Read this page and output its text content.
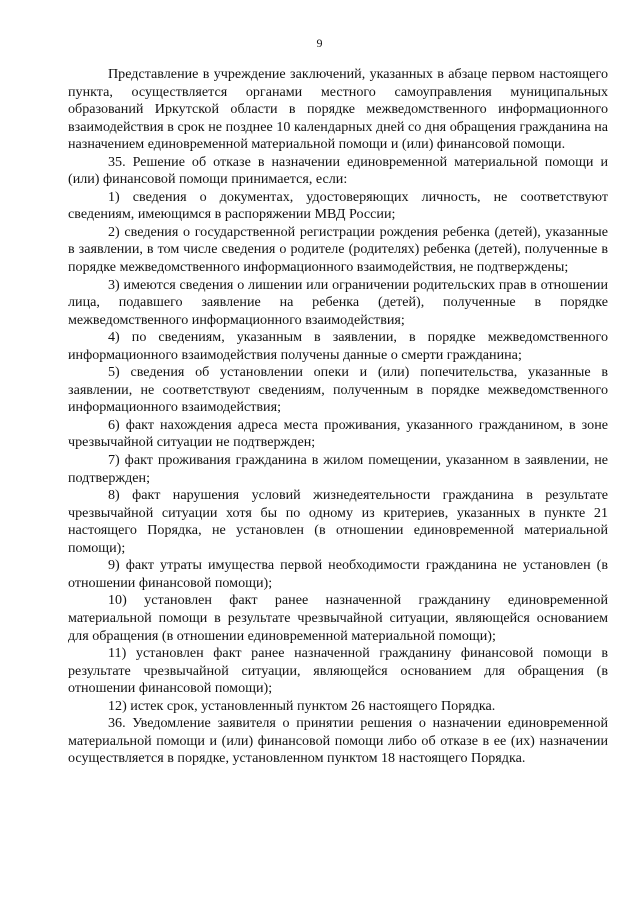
9

Представление в учреждение заключений, указанных в абзаце первом настоящего пункта, осуществляется органами местного самоуправления муниципальных образований Иркутской области в порядке межведомственного информационного взаимодействия в срок не позднее 10 календарных дней со дня обращения гражданина на назначением единовременной материальной помощи и (или) финансовой помощи.

35. Решение об отказе в назначении единовременной материальной помощи и (или) финансовой помощи принимается, если:

1) сведения о документах, удостоверяющих личность, не соответствуют сведениям, имеющимся в распоряжении МВД России;

2) сведения о государственной регистрации рождения ребенка (детей), указанные в заявлении, в том числе сведения о родителе (родителях) ребенка (детей), полученные в порядке межведомственного информационного взаимодействия, не подтверждены;

3) имеются сведения о лишении или ограничении родительских прав в отношении лица, подавшего заявление на ребенка (детей), полученные в порядке межведомственного информационного взаимодействия;

4) по сведениям, указанным в заявлении, в порядке межведомственного информационного взаимодействия получены данные о смерти гражданина;

5) сведения об установлении опеки и (или) попечительства, указанные в заявлении, не соответствуют сведениям, полученным в порядке межведомственного информационного взаимодействия;

6) факт нахождения адреса места проживания, указанного гражданином, в зоне чрезвычайной ситуации не подтвержден;

7) факт проживания гражданина в жилом помещении, указанном в заявлении, не подтвержден;

8) факт нарушения условий жизнедеятельности гражданина в результате чрезвычайной ситуации хотя бы по одному из критериев, указанных в пункте 21 настоящего Порядка, не установлен (в отношении единовременной материальной помощи);

9) факт утраты имущества первой необходимости гражданина не установлен (в отношении финансовой помощи);

10) установлен факт ранее назначенной гражданину единовременной материальной помощи в результате чрезвычайной ситуации, являющейся основанием для обращения (в отношении единовременной материальной помощи);

11) установлен факт ранее назначенной гражданину финансовой помощи в результате чрезвычайной ситуации, являющейся основанием для обращения (в отношении финансовой помощи);

12) истек срок, установленный пунктом 26 настоящего Порядка.

36. Уведомление заявителя о принятии решения о назначении единовременной материальной помощи и (или) финансовой помощи либо об отказе в ее (их) назначении осуществляется в порядке, установленном пунктом 18 настоящего Порядка.
